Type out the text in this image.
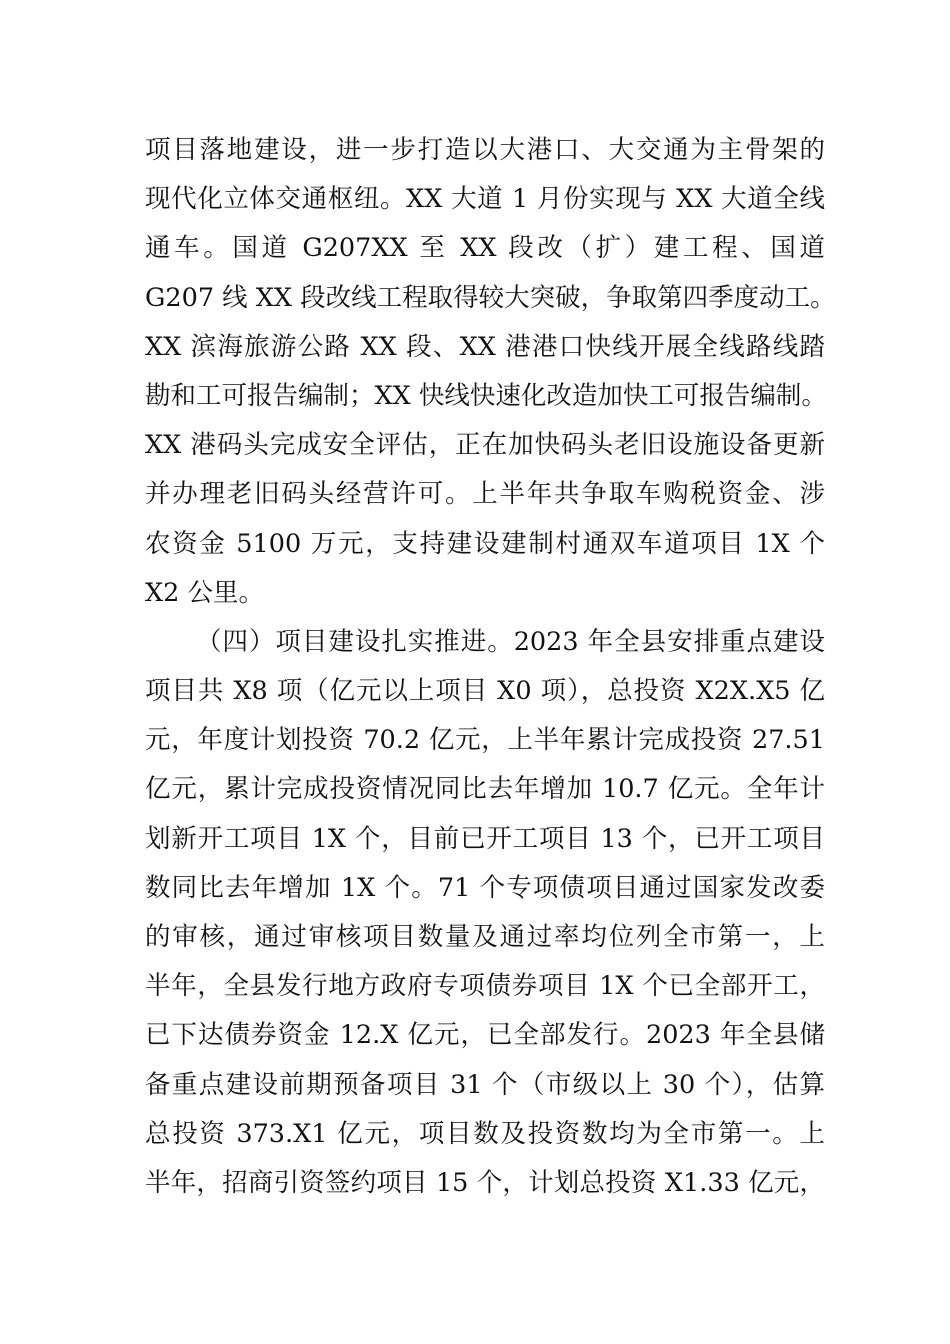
项目落地建设，进一步打造以大港口、大交通为主骨架的
现代化立体交通枢纽。XX 大道 1 月份实现与 XX 大道全线
通车。国道 G207XX 至 XX 段改（扩）建工程、国道
G207 线 XX 段改线工程取得较大突破，争取第四季度动工。
XX 滨海旅游公路 XX 段、XX 港港口快线开展全线路线踏
勘和工可报告编制；XX 快线快速化改造加快工可报告编制。
XX 港码头完成安全评估，正在加快码头老旧设施设备更新
并办理老旧码头经营许可。上半年共争取车购税资金、涉
农资金 5100 万元，支持建设建制村通双车道项目 1X 个
X2 公里。
（四）项目建设扎实推进。2023 年全县安排重点建设
项目共 X8 项（亿元以上项目 X0 项），总投资 X2X.X5 亿
元，年度计划投资 70.2 亿元，上半年累计完成投资 27.51
亿元，累计完成投资情况同比去年增加 10.7 亿元。全年计
划新开工项目 1X 个，目前已开工项目 13 个，已开工项目
数同比去年增加 1X 个。71 个专项债项目通过国家发改委
的审核，通过审核项目数量及通过率均位列全市第一，上
半年，全县发行地方政府专项债券项目 1X 个已全部开工，
已下达债券资金 12.X 亿元，已全部发行。2023 年全县储
备重点建设前期预备项目 31 个（市级以上 30 个），估算
总投资 373.X1 亿元，项目数及投资数均为全市第一。上
半年，招商引资签约项目 15 个，计划总投资 X1.33 亿元，
